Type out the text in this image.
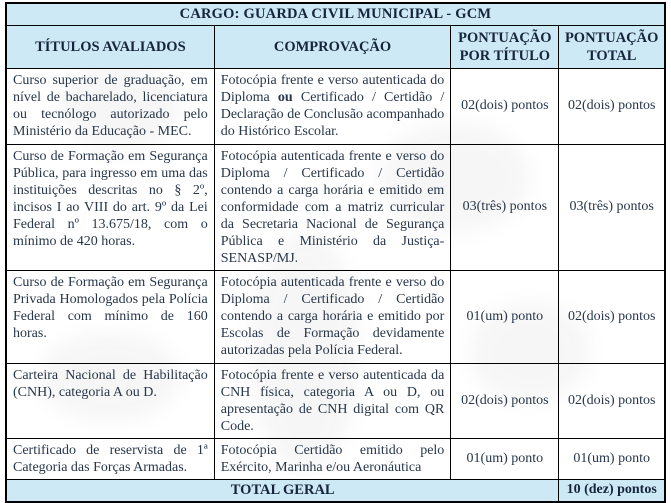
CARGO: GUARDA CIVIL MUNICIPAL - GCM			
TÍTULOS AVALIADOS	COMPROVAÇÃO	PONTUAÇÃO POR TÍTULO	PONTUAÇÃO TOTAL
Curso superior de graduação, em nível de bacharelado, licenciatura ou tecnólogo autorizado pelo Ministério da Educação - MEC.	Fotocópia frente e verso autenticada do Diploma ou Certificado / Certidão / Declaração de Conclusão acompanhado do Histórico Escolar.	02(dois) pontos	02(dois) pontos
Curso de Formação em Segurança Pública, para ingresso em uma das instituições descritas no § 2º, incisos I ao VIII do art. 9º da Lei Federal nº 13.675/18, com o mínimo de 420 horas.	Fotocópia autenticada frente e verso do Diploma / Certificado / Certidão contendo a carga horária e emitido em conformidade com a matriz curricular da Secretaria Nacional de Segurança Pública e Ministério da Justiça- SENASP/MJ.	03(três) pontos	03(três) pontos
Curso de Formação em Segurança Privada Homologados pela Polícia Federal com mínimo de 160 horas.	Fotocópia autenticada frente e verso do Diploma / Certificado / Certidão contendo a carga horária e emitido por Escolas de Formação devidamente autorizadas pela Polícia Federal.	01(um) ponto	02(dois) pontos
Carteira Nacional de Habilitação (CNH), categoria A ou D.	Fotocópia frente e verso autenticada da CNH física, categoria A ou D, ou apresentação de CNH digital com QR Code.	02(dois) pontos	02(dois) pontos
Certificado de reservista de 1ª Categoria das Forças Armadas.	Fotocópia Certidão emitido pelo Exército, Marinha e/ou Aeronáutica	01(um) ponto	01(um) ponto
TOTAL GERAL			10 (dez) pontos
